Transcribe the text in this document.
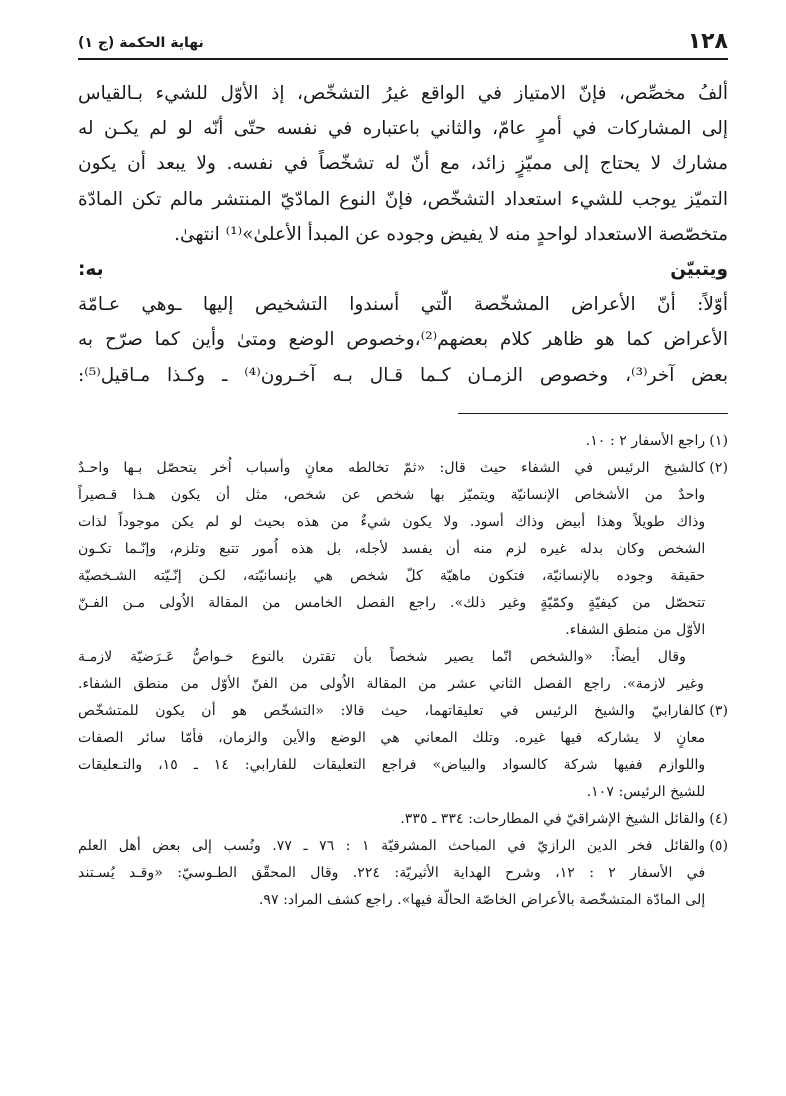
١٢٨
نهاية الحكمة (ج ١)

ألفُ مخصِّص، فإنّ الامتياز في الواقع غيرُ التشخّص، إذ الأوّل للشيء بـالقياس

إلى المشاركات في أمرٍ عامّ، والثاني باعتباره في نفسه حتّى أنّه لو لم يكـن له

مشارك لا يحتاج إلى مميّزٍ زائد، مع أنّ له تشخّصاً في نفسه. ولا يبعد أن يكون

التميّز يوجب للشيء استعداد التشخّص، فإنّ النوع المادّيّ المنتشر مالم تكن المادّة

متخصّصة الاستعداد لواحدٍ منه لا يفيض وجوده عن المبدأ الأعلىٰ»⁽¹⁾ انتهىٰ.

ويتبيّن به:

أوّلاً: أنّ الأعراض المشخّصة الّتي أسندوا التشخيص إليها ـوهي عـامّة

الأعراض كما هو ظاهر كلام بعضهم⁽²⁾،وخصوص الوضع ومتىٰ وأين كما صرّح به

بعض آخر⁽³⁾، وخصوص الزمـان كـما قـال بـه آخـرون⁽⁴⁾ ـ وكـذا مـاقيل⁽⁵⁾:

(١)
راجع الأسفار ٢ : ١٠.
(٢)
كالشيخ الرئيس في الشفاء حيث قال: «ثمّ تخالطه معانٍ وأسباب اُخر يتحصّل بـها واحـدٌ
واحدٌ من الأشخاص الإنسانيّة ويتميّز بها شخص عن شخص، مثل أن يكون هـذا قـصيراً
وذاك طويلاً وهذا أبيض وذاك أسود. ولا يكون شيءٌ من هذه بحيث لو لم يكن موجوداً لذات
الشخص وكان بدله غيره لزم منه أن يفسد لأجله، بل هذه اُمور تتبع وتلزم، وإنّـما تكـون
حقيقة وجوده بالإنسانيّة، فتكون ماهيّة كلّ شخص هي بإنسانيّته، لكـن إنّـيّته الشـخصيّة
تتحصّل من كيفيّةٍ وكمّيّةٍ وغير ذلك». راجع الفصل الخامس من المقالة الاُولى مـن الفـنّ
الأوّل من منطق الشفاء.
وقال أيضاً: «والشخص انّما يصير شخصاً بأن تقترن بالنوع خـواصُّ عَـرَضيّة لازمـة
وغير لازمة». راجع الفصل الثاني عشر من المقالة الاُولى من الفنّ الأوّل من منطق الشفاء.
(٣)
كالفارابيّ والشيخ الرئيس في تعليقاتهما، حيث قالا: «التشخّص هو أن يكون للمتشخّص
معانٍ لا يشاركه فيها غيره. وتلك المعاني هي الوضع والأين والزمان، فأمّا سائر الصفات
واللوازم ففيها شركة كالسواد والبياض» فراجع التعليقات للفارابي: ١٤ ـ ١٥، والتـعليقات
للشيخ الرئيس: ١٠٧.
(٤)
والقائل الشيخ الإشراقيّ في المطارحات: ٣٣٤ ـ ٣٣٥.
(٥)
والقائل فخر الدين الرازيّ في المباحث المشرقيّة ١ : ٧٦ ـ ٧٧. ونُسب إلى بعض أهل العلم
في الأسفار ٢ : ١٢، وشرح الهداية الأثيريّة: ٢٢٤. وقال المحقّق الطـوسيّ: «وقـد يُسـتند
إلى المادّة المتشخّصة بالأعراض الخاصّة الحالّة فيها». راجع كشف المراد: ٩٧.
